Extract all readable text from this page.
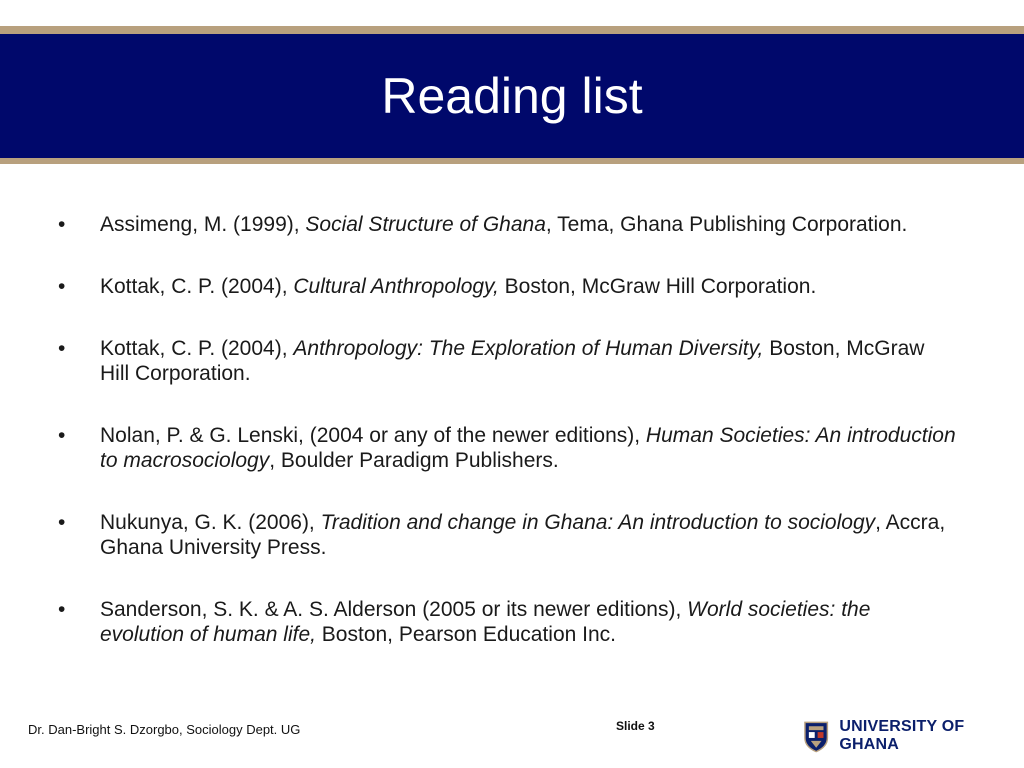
Reading list
• Assimeng, M. (1999), Social Structure of Ghana, Tema, Ghana Publishing Corporation.
• Kottak, C. P. (2004), Cultural Anthropology, Boston, McGraw Hill Corporation.
• Kottak, C. P. (2004), Anthropology: The Exploration of Human Diversity, Boston, McGraw Hill Corporation.
• Nolan, P. & G. Lenski, (2004 or any of the newer editions), Human Societies: An introduction to macrosociology, Boulder Paradigm Publishers.
• Nukunya, G. K. (2006), Tradition and change in Ghana: An introduction to sociology, Accra, Ghana University Press.
• Sanderson, S. K. & A. S. Alderson (2005 or its newer editions), World societies: the evolution of human life, Boston, Pearson Education Inc.
Dr. Dan-Bright S. Dzorgbo, Sociology Dept. UG	Slide 3	UNIVERSITY OF GHANA
